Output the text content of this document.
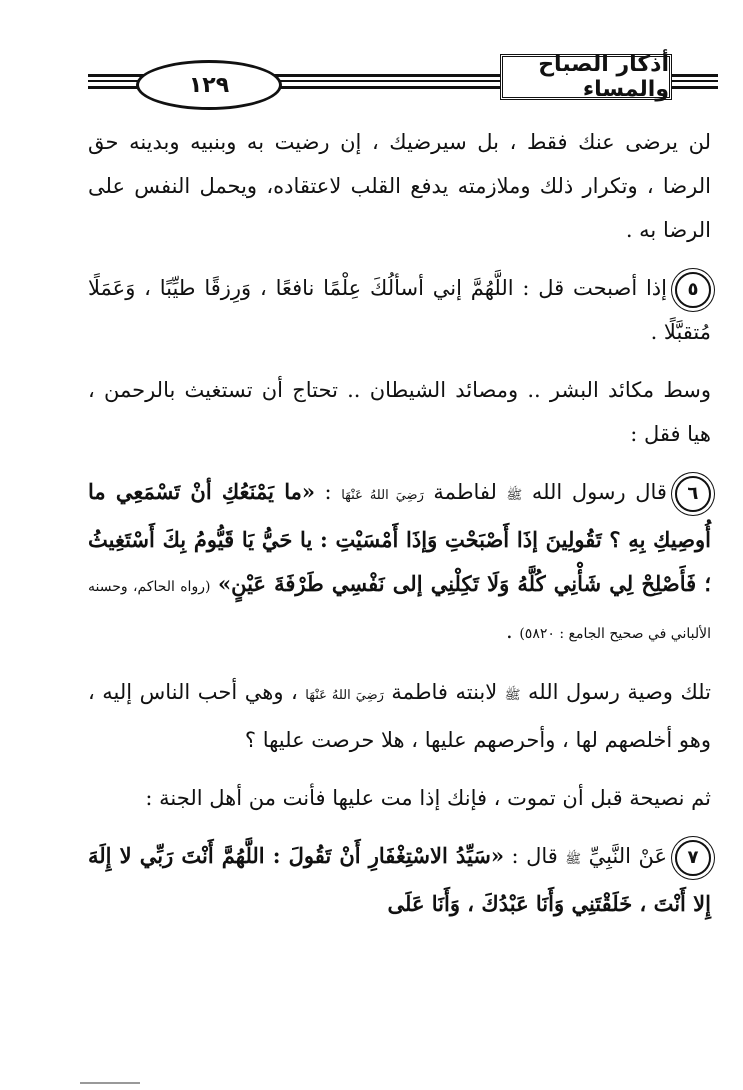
١٢٩
أذكار الصباح والمساء

لن يرضى عنك فقط ، بل سيرضيك ، إن رضيت به وبنبيه وبدينه حق الرضا ، وتكرار ذلك وملازمته يدفع القلب لاعتقاده، ويحمل النفس على الرضا به .

٥إذا أصبحت قل : اللَّهُمَّ إني أسألُكَ عِلْمًا نافعًا ، وَرِزقًا طيِّبًا ، وَعَمَلًا مُتقبَّلًا .

وسط مكائد البشر .. ومصائد الشيطان .. تحتاج أن تستغيث بالرحمن ، هيا فقل :

٦قال رسول الله ﷺ لفاطمة رَضِيَ اللهُ عَنْهَا : «ما يَمْنَعُكِ أنْ تَسْمَعِي ما أُوصِيكِ بِهِ ؟ تَقُولِينَ إذَا أَصْبَحْتِ وَإذَا أَمْسَيْتِ : يا حَيُّ يَا قَيُّومُ بِكَ أَسْتَغِيثُ ؛ فَأَصْلِحْ لِي شَأْنِي كُلَّهُ وَلَا تَكِلْنِي إلى نَفْسِي طَرْفَةَ عَيْنٍ» (رواه الحاكم، وحسنه الألباني في صحيح الجامع : ٥٨٢٠) .

تلك وصية رسول الله ﷺ لابنته فاطمة رَضِيَ اللهُ عَنْهَا ، وهي أحب الناس إليه ، وهو أخلصهم لها ، وأحرصهم عليها ، هلا حرصت عليها ؟

ثم نصيحة قبل أن تموت ، فإنك إذا مت عليها فأنت من أهل الجنة :

٧عَنْ النَّبِيِّ ﷺ قال : «سَيِّدُ الاسْتِغْفَارِ أَنْ تَقُولَ : اللَّهُمَّ أَنْتَ رَبِّي لا إِلَهَ إِلا أَنْتَ ، خَلَقْتَنِي وَأَنَا عَبْدُكَ ، وَأَنَا عَلَى
